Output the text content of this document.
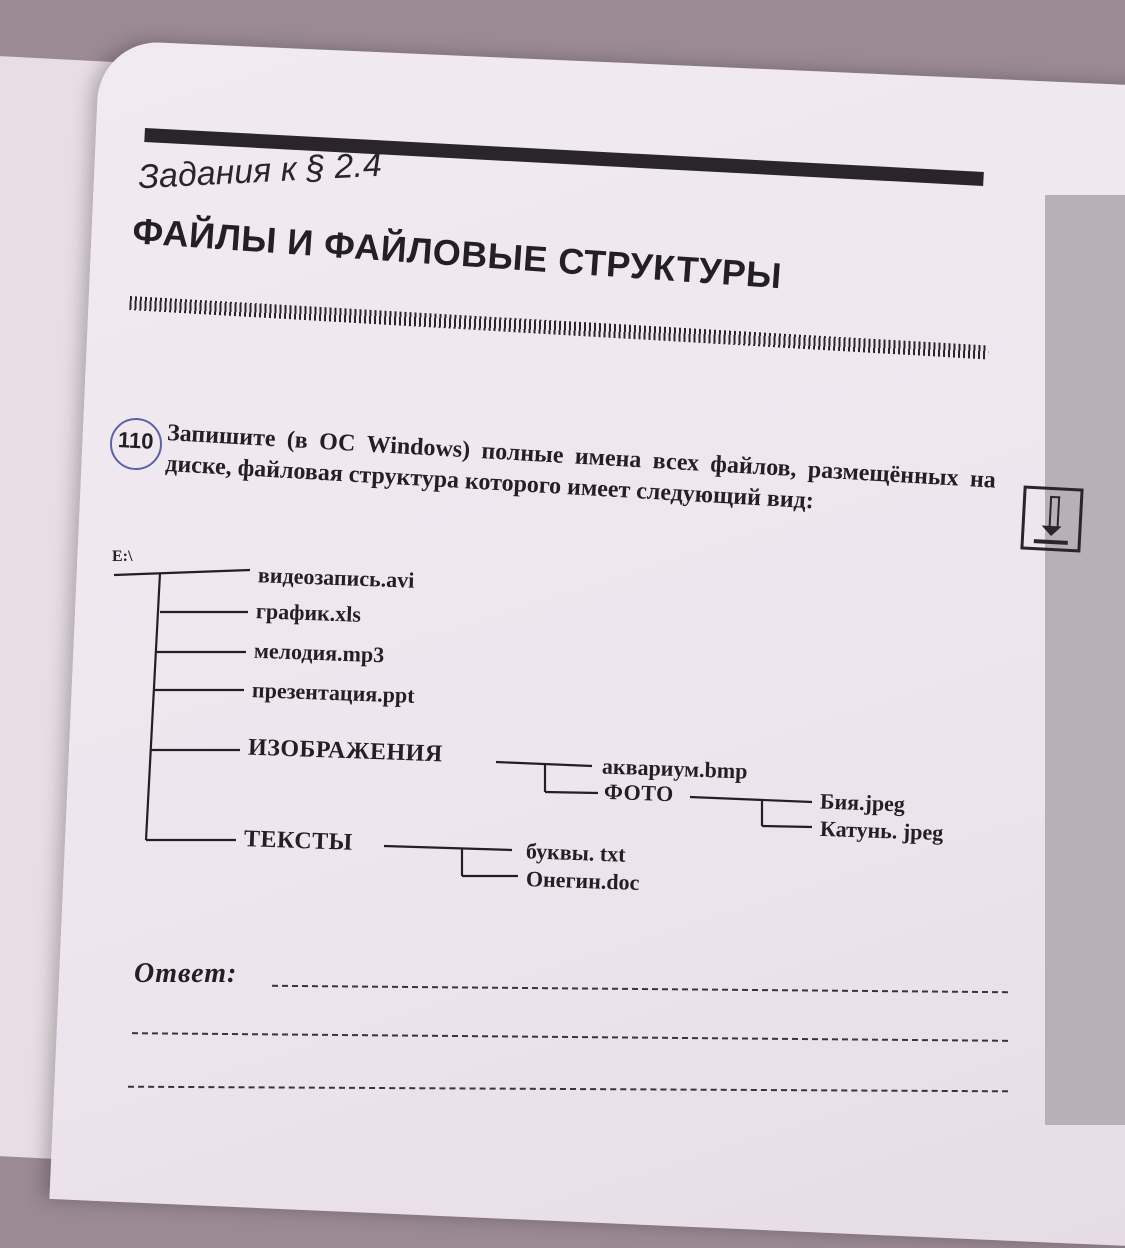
Задания к § 2.4
ФАЙЛЫ И ФАЙЛОВЫЕ СТРУКТУРЫ
110 Запишите (в ОС Windows) полные имена всех файлов, размещённых на диске, файловая структура которого имеет следующий вид:

E:\
видеозапись.avi
график.xls
мелодия.mp3
презентация.ppt
ИЗОБРАЖЕНИЯ
аквариум.bmp
ФОТО	Бия.jpeg
Катунь. jpeg
ТЕКСТЫ	буквы. txt
Онегин.doc
Ответ:
